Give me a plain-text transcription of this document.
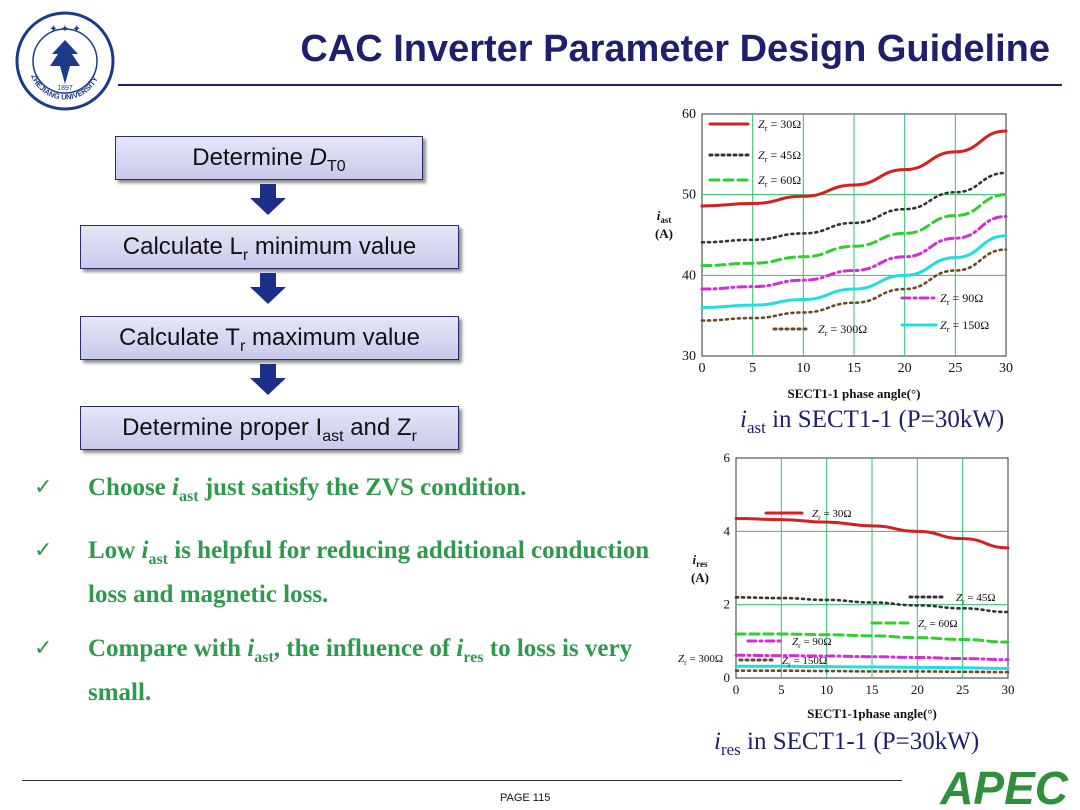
1897
ZHEJIANG UNIVERSITY
✦ ✦ ✦	CAC Inverter Parameter Design Guideline
Determine $D_{T0}$
Calculate $L_r$ minimum value
Calculate $T_r$ maximum value
Determine proper $I_{ast}$ and $Z_r$
✓ Choose $i_{ast}$ just satisfy the ZVS condition.
✓ Low $i_{ast}$ is helpful for reducing additional conduction loss and magnetic loss.
✓ Compare with $i_{ast}$, the influence of $i_{res}$ to loss is very small.
0	5	10	15	20	25	30
30
40
50
60
SECT1-1 phase angle(°)
$i_{ast}$
(A)
$Z_r = 30\Omega$
$Z_r = 45\Omega$
$Z_r = 60\Omega$
$Z_r = 90\Omega$
$Z_r = 300\Omega$	$Z_r = 150\Omega$
$i_{ast}$ in SECT1-1 (P=30kW)
0	5	10 15 20 25 30
0
2
4
6
SECT1-1phase angle(°)
$i_{res}$
(A)
$Z_r = 30\Omega$
$Z_r = 45\Omega$
$Z_r = 60\Omega$
$Z_r = 90\Omega$
$Z_r = 300\Omega$	$Z_r = 150\Omega$
$i_{res}$ in SECT1-1 (P=30kW)
PAGE 115	APEC
